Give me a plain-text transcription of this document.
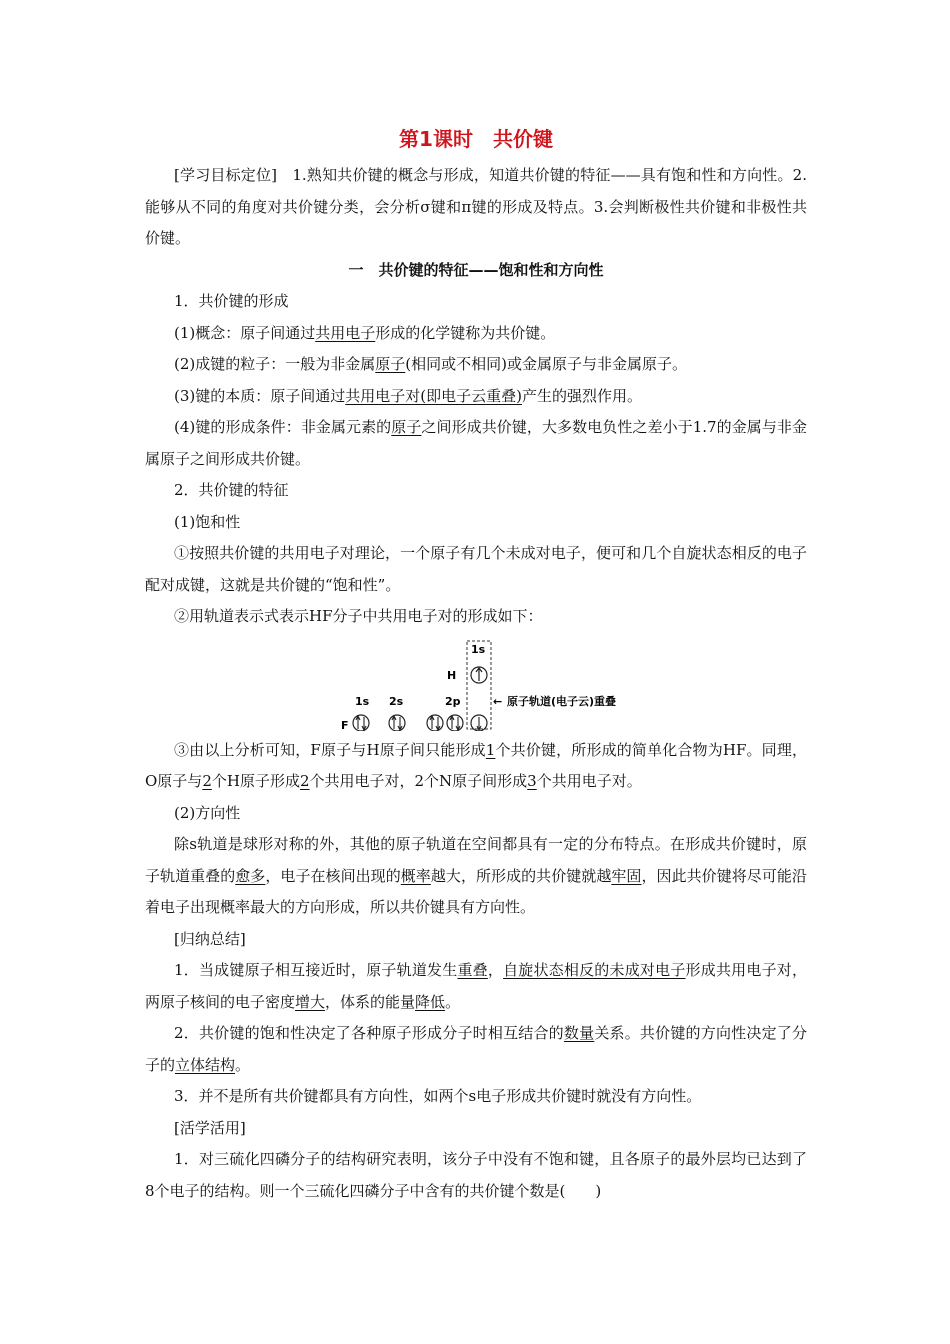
第1课时　共价键

[学习目标定位]　1.熟知共价键的概念与形成，知道共价键的特征——具有饱和性和方向性。2.能够从不同的角度对共价键分类，会分析σ键和π键的形成及特点。3.会判断极性共价键和非极性共价键。

一　共价键的特征——饱和性和方向性

1．共价键的形成

(1)概念：原子间通过共用电子形成的化学键称为共价键。

(2)成键的粒子：一般为非金属原子(相同或不相同)或金属原子与非金属原子。

(3)键的本质：原子间通过共用电子对(即电子云重叠)产生的强烈作用。

(4)键的形成条件：非金属元素的原子之间形成共价键，大多数电负性之差小于1.7的金属与非金属原子之间形成共价键。

2．共价键的特征

(1)饱和性

①按照共价键的共用电子对理论，一个原子有几个未成对电子，便可和几个自旋状态相反的电子配对成键，这就是共价键的“饱和性”。

②用轨道表示式表示HF分子中共用电子对的形成如下：

1s
H
← 原子轨道(电子云)重叠
1s 2s	2p
F

③由以上分析可知，F原子与H原子间只能形成1个共价键，所形成的简单化合物为HF。同理，O原子与2个H原子形成2个共用电子对，2个N原子间形成3个共用电子对。

(2)方向性

除s轨道是球形对称的外，其他的原子轨道在空间都具有一定的分布特点。在形成共价键时，原子轨道重叠的愈多，电子在核间出现的概率越大，所形成的共价键就越牢固，因此共价键将尽可能沿着电子出现概率最大的方向形成，所以共价键具有方向性。

[归纳总结]

1．当成键原子相互接近时，原子轨道发生重叠，自旋状态相反的未成对电子形成共用电子对，两原子核间的电子密度增大，体系的能量降低。

2．共价键的饱和性决定了各种原子形成分子时相互结合的数量关系。共价键的方向性决定了分子的立体结构。

3．并不是所有共价键都具有方向性，如两个s电子形成共价键时就没有方向性。

[活学活用]

1．对三硫化四磷分子的结构研究表明，该分子中没有不饱和键，且各原子的最外层均已达到了8个电子的结构。则一个三硫化四磷分子中含有的共价键个数是(　　)
